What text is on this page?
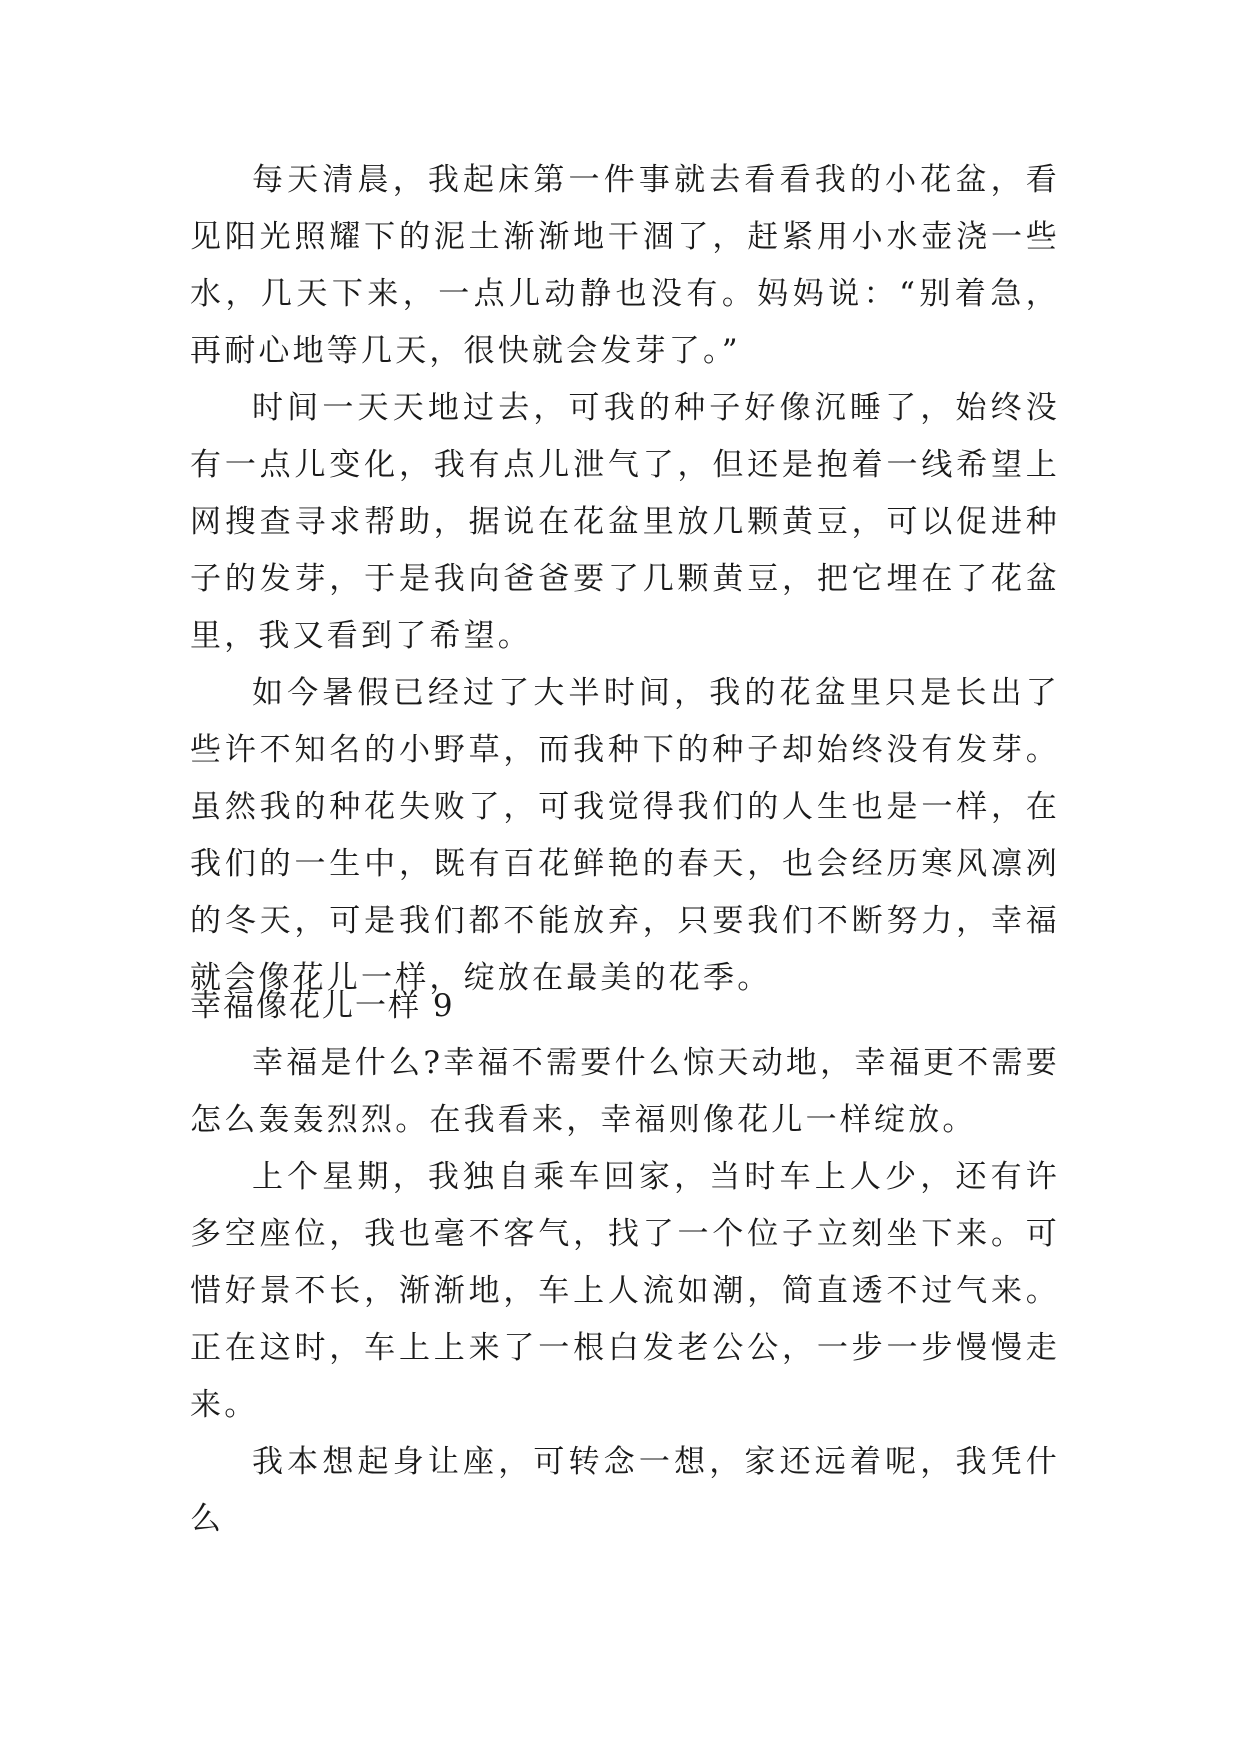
每天清晨，我起床第一件事就去看看我的小花盆，看见阳光照耀下的泥土渐渐地干涸了，赶紧用小水壶浇一些水，几天下来，一点儿动静也没有。妈妈说：“别着急，再耐心地等几天，很快就会发芽了。”

时间一天天地过去，可我的种子好像沉睡了，始终没有一点儿变化，我有点儿泄气了，但还是抱着一线希望上网搜查寻求帮助，据说在花盆里放几颗黄豆，可以促进种子的发芽，于是我向爸爸要了几颗黄豆，把它埋在了花盆里，我又看到了希望。

如今暑假已经过了大半时间，我的花盆里只是长出了些许不知名的小野草，而我种下的种子却始终没有发芽。虽然我的种花失败了，可我觉得我们的人生也是一样，在我们的一生中，既有百花鲜艳的春天，也会经历寒风凛冽的冬天，可是我们都不能放弃，只要我们不断努力，幸福就会像花儿一样，绽放在最美的花季。

幸福像花儿一样 9

幸福是什么?幸福不需要什么惊天动地，幸福更不需要怎么轰轰烈烈。在我看来，幸福则像花儿一样绽放。

上个星期，我独自乘车回家，当时车上人少，还有许多空座位，我也毫不客气，找了一个位子立刻坐下来。可惜好景不长，渐渐地，车上人流如潮，简直透不过气来。正在这时，车上上来了一根白发老公公，一步一步慢慢走来。

我本想起身让座，可转念一想，家还远着呢，我凭什么
